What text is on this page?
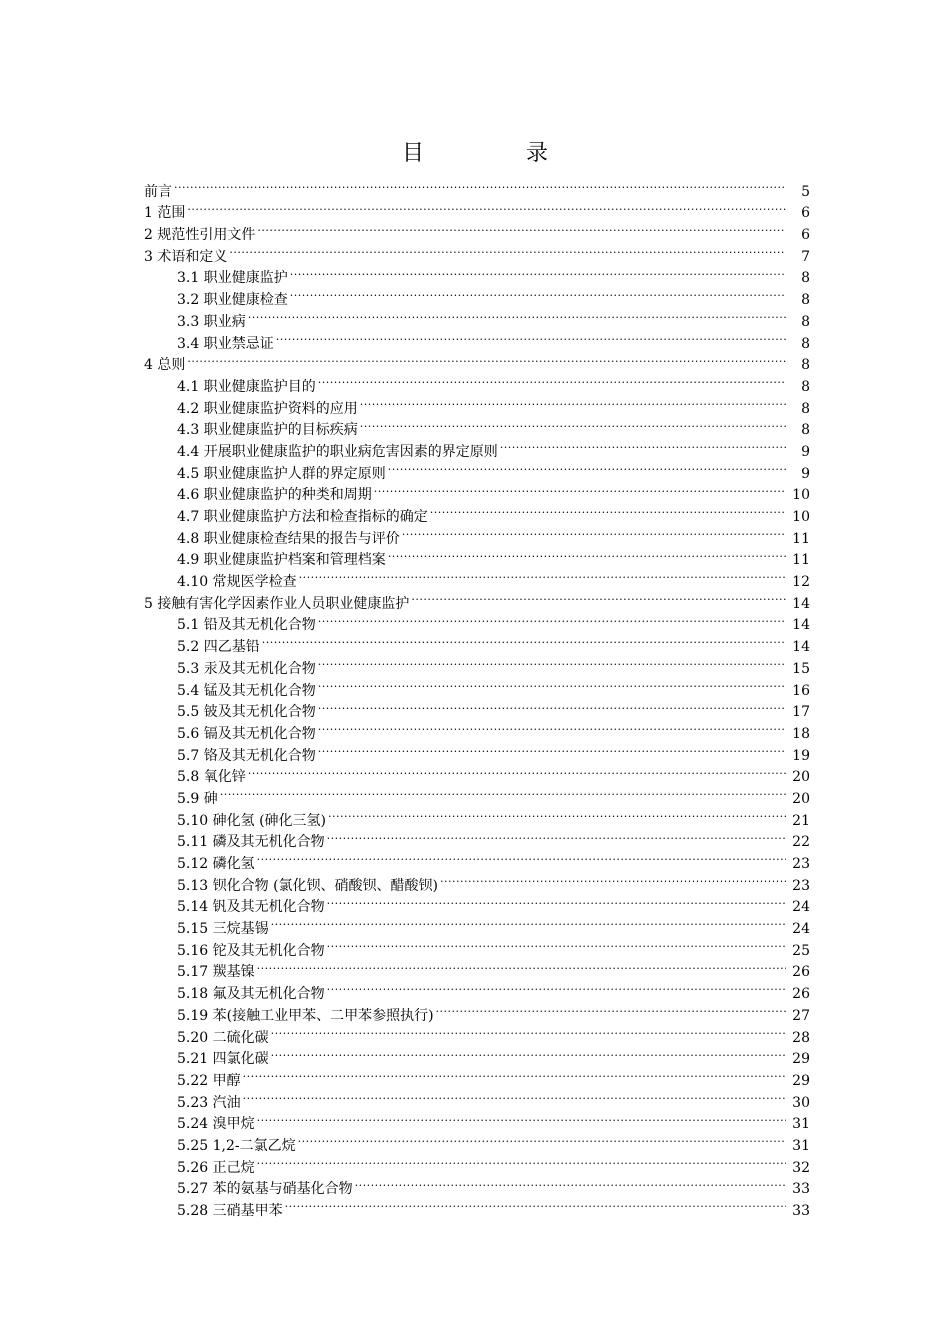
目　录
前言 .....	5
1 范围 .....	6
2 规范性引用文件 .....	6
3 术语和定义 .....	7
3.1 职业健康监护 .....	8
3.2 职业健康检查 .....	8
3.3 职业病 .....	8
3.4 职业禁忌证 .....	8
4 总则 .....	8
4.1 职业健康监护目的 .....	8
4.2 职业健康监护资料的应用 .....	8
4.3 职业健康监护的目标疾病 .....	8
4.4 开展职业健康监护的职业病危害因素的界定原则 .....	9
4.5 职业健康监护人群的界定原则 .....	9
4.6 职业健康监护的种类和周期 .....	10
4.7 职业健康监护方法和检查指标的确定 .....	10
4.8 职业健康检查结果的报告与评价 .....	11
4.9 职业健康监护档案和管理档案 .....	11
4.10 常规医学检查 .....	12
5 接触有害化学因素作业人员职业健康监护 .....	14
5.1 铅及其无机化合物 .....	14
5.2 四乙基铅 .....	14
5.3 汞及其无机化合物 .....	15
5.4 锰及其无机化合物 .....	16
5.5 铍及其无机化合物 .....	17
5.6 镉及其无机化合物 .....	18
5.7 铬及其无机化合物 .....	19
5.8 氧化锌 .....	20
5.9 砷 .....	20
5.10 砷化氢 (砷化三氢) .....	21
5.11 磷及其无机化合物 .....	22
5.12 磷化氢 .....	23
5.13 钡化合物 (氯化钡、硝酸钡、醋酸钡) .....	23
5.14 钒及其无机化合物 .....	24
5.15 三烷基锡 .....	24
5.16 铊及其无机化合物 .....	25
5.17 羰基镍 .....	26
5.18 氟及其无机化合物 .....	26
5.19 苯(接触工业甲苯、二甲苯参照执行) .....	27
5.20 二硫化碳 .....	28
5.21 四氯化碳 .....	29
5.22 甲醇 .....	29
5.23 汽油 .....	30
5.24 溴甲烷 .....	31
5.25 1,2-二氯乙烷 .....	31
5.26 正己烷 .....	32
5.27 苯的氨基与硝基化合物 .....	33
5.28 三硝基甲苯 .....	33
